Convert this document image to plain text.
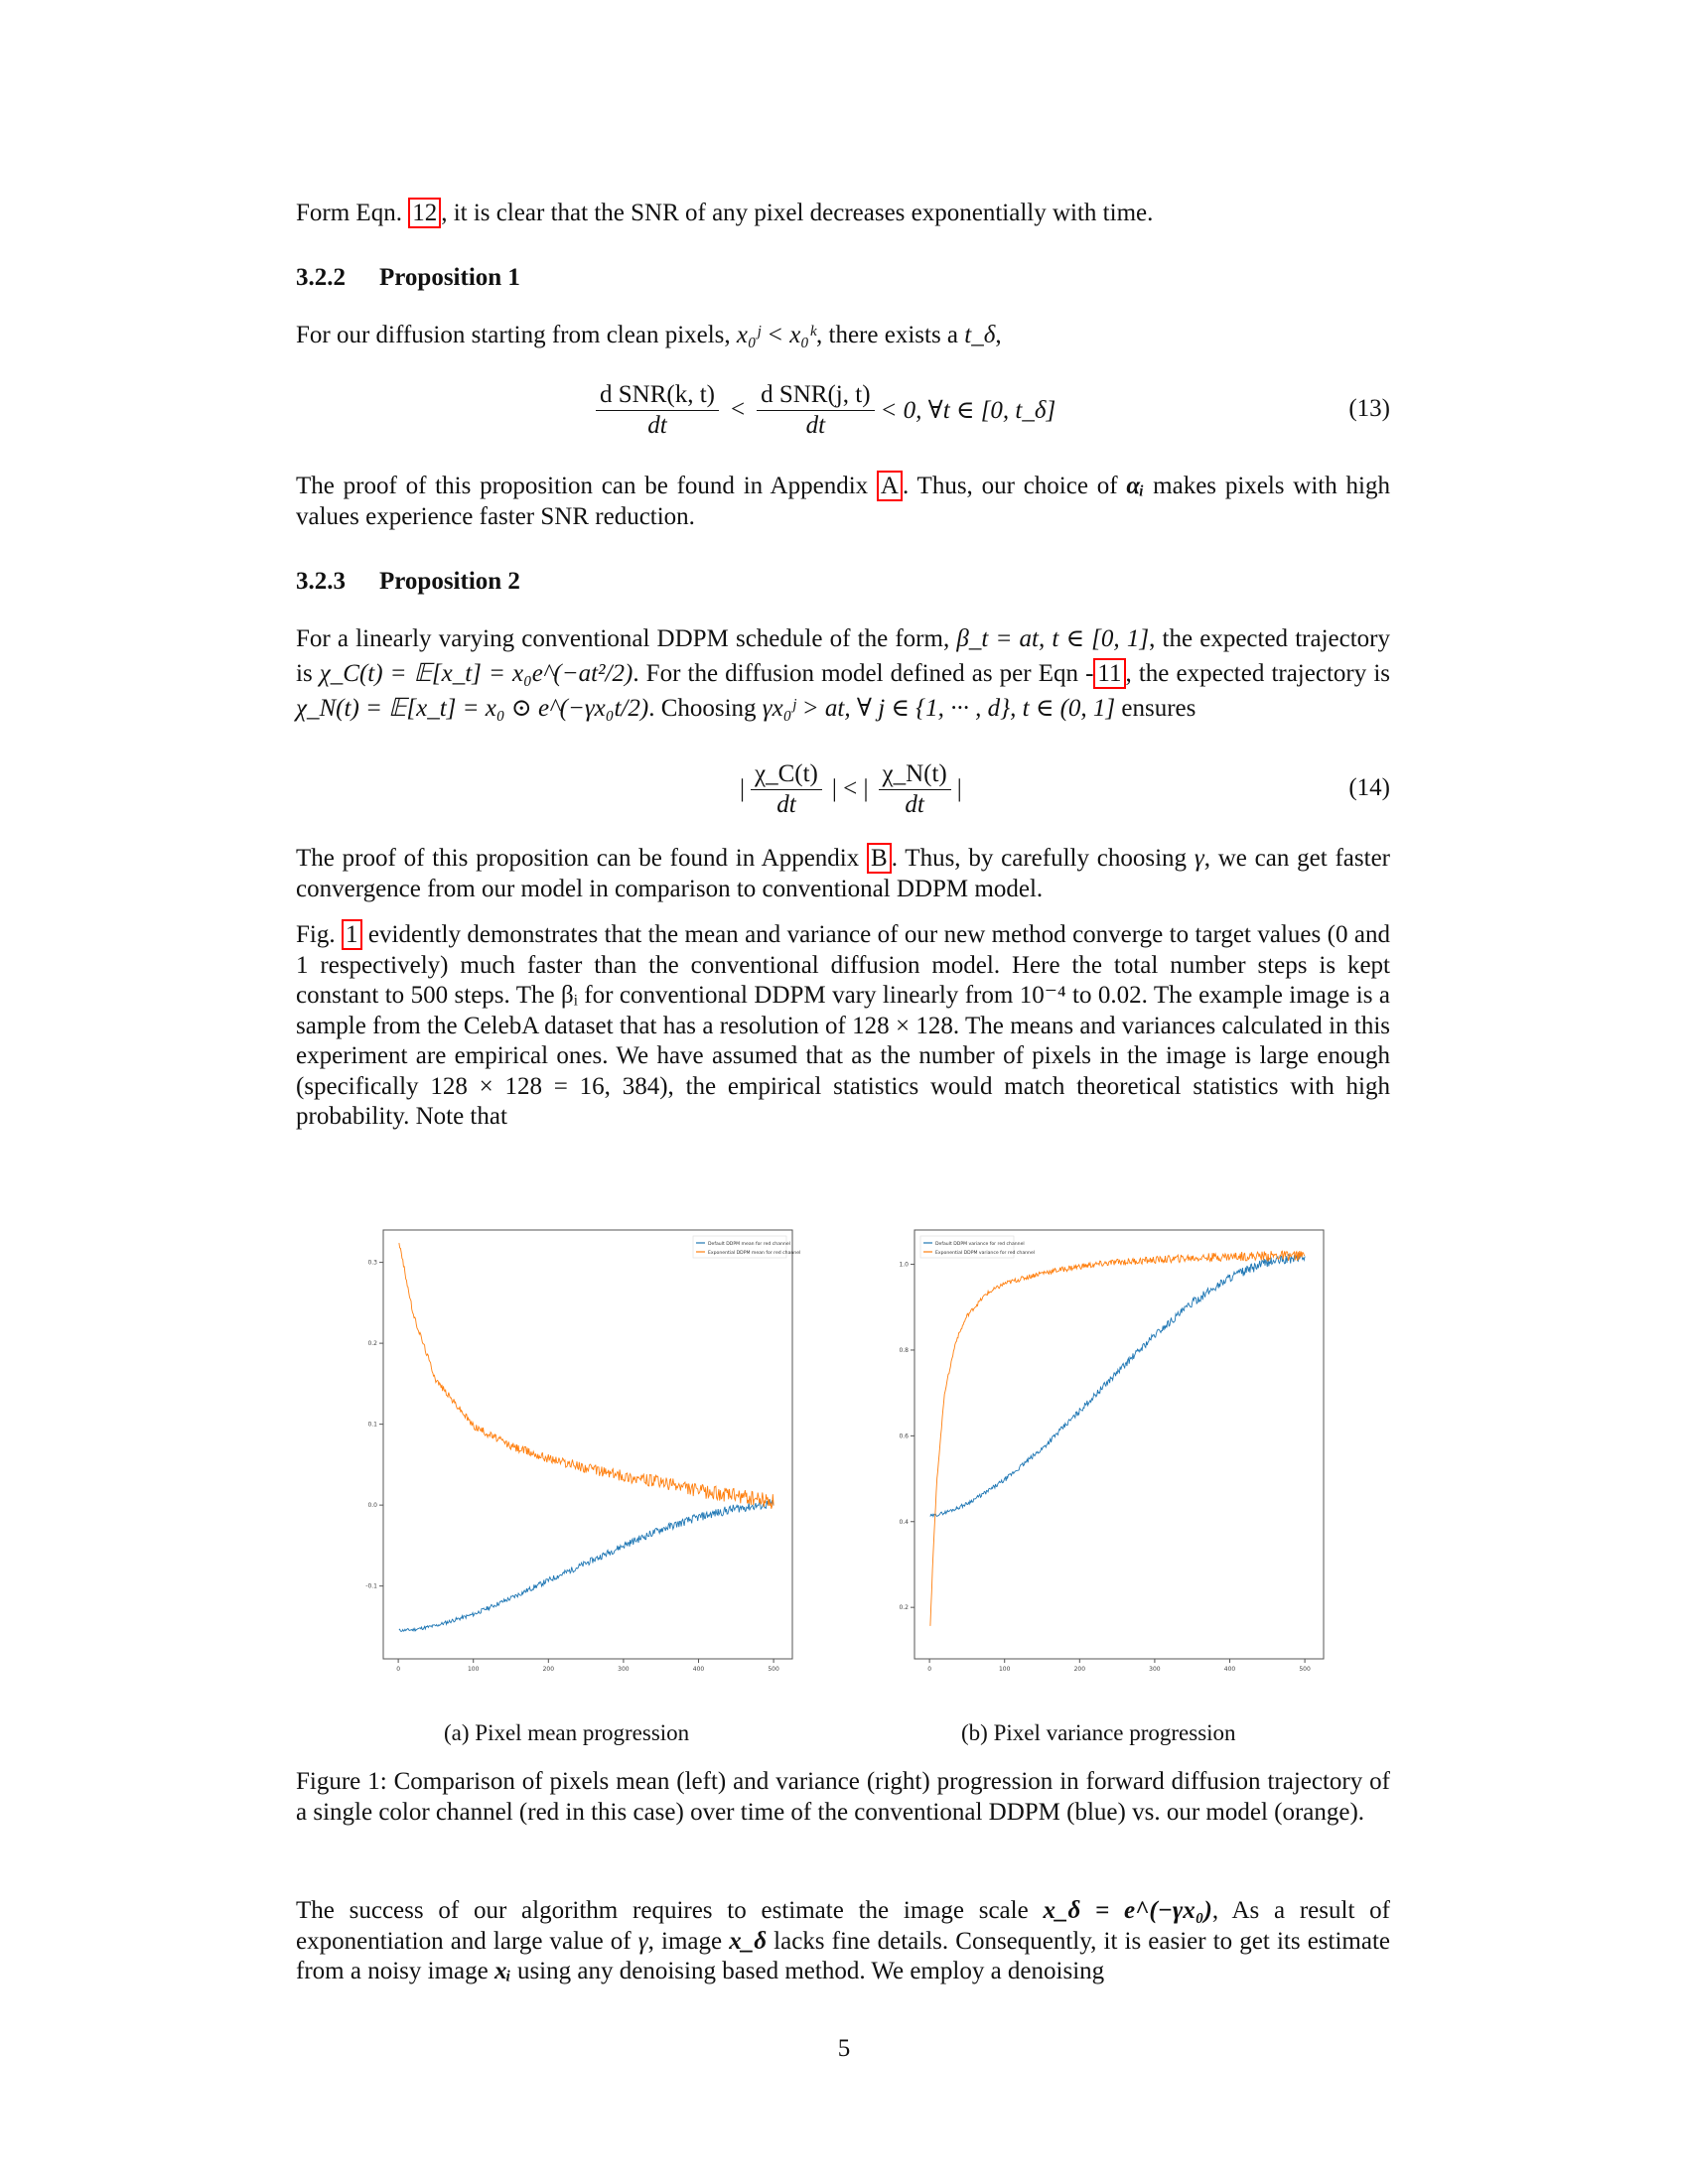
Form Eqn. 12 , it is clear that the SNR of any pixel decreases exponentially with time.

3.2.2 Proposition 1

For our diffusion starting from clean pixels, x₀ʲ < x₀ᵏ, there exists a t_δ,

$\frac{\text{d SNR(k, t)}}{dt} < \frac{\text{d SNR(j, t)}}{dt} < 0$, ∀t ∈ [0, t_δ]	(13)

The proof of this proposition can be found in Appendix A . Thus, our choice of αᵢ makes pixels with high values experience faster SNR reduction.

3.2.3 Proposition 2

For a linearly varying conventional DDPM schedule of the form, β_t = at, t ∈ [0, 1], the expected trajectory is χ_C(t) = 𝔼[x_t] = x₀e^(−at²/2). For the diffusion model defined as per Eqn - 11 , the expected trajectory is χ_N(t) = 𝔼[x_t] = x₀ ⊙ e^(−γx₀t/2). Choosing γx₀ʲ > at, ∀ j ∈ {1, ··· , d}, t ∈ (0, 1] ensures

| $\frac{\chi\_C(t)}{dt}$ | < | $\frac{\chi\_N(t)}{dt}$ |	(14)

The proof of this proposition can be found in Appendix B . Thus, by carefully choosing γ, we can get faster convergence from our model in comparison to conventional DDPM model.

Fig. 1 evidently demonstrates that the mean and variance of our new method converge to target values (0 and 1 respectively) much faster than the conventional diffusion model. Here the total number steps is kept constant to 500 steps. The βᵢ for conventional DDPM vary linearly from 10⁻⁴ to 0.02. The example image is a sample from the CelebA dataset that has a resolution of 128 × 128. The means and variances calculated in this experiment are empirical ones. We have assumed that as the number of pixels in the image is large enough (specifically 128 × 128 = 16, 384), the empirical statistics would match theoretical statistics with high probability. Note that

0	100	200	300	400	500
0.3
0.2
0.1
0.0
-0.1
Default DDPM mean for red channel
Exponential DDPM mean for red channel
0	100	200	300	400	500
1.0
0.8
0.6
0.4
0.2
Default DDPM variance for red channel
Exponential DDPM variance for red channel
(a) Pixel mean progression	(b) Pixel variance progression

Figure 1: Comparison of pixels mean (left) and variance (right) progression in forward diffusion trajectory of a single color channel (red in this case) over time of the conventional DDPM (blue) vs. our model (orange).

The success of our algorithm requires to estimate the image scale x_δ = e^(−γx₀), As a result of exponentiation and large value of γ, image x_δ lacks fine details. Consequently, it is easier to get its estimate from a noisy image xᵢ using any denoising based method. We employ a denoising

5
